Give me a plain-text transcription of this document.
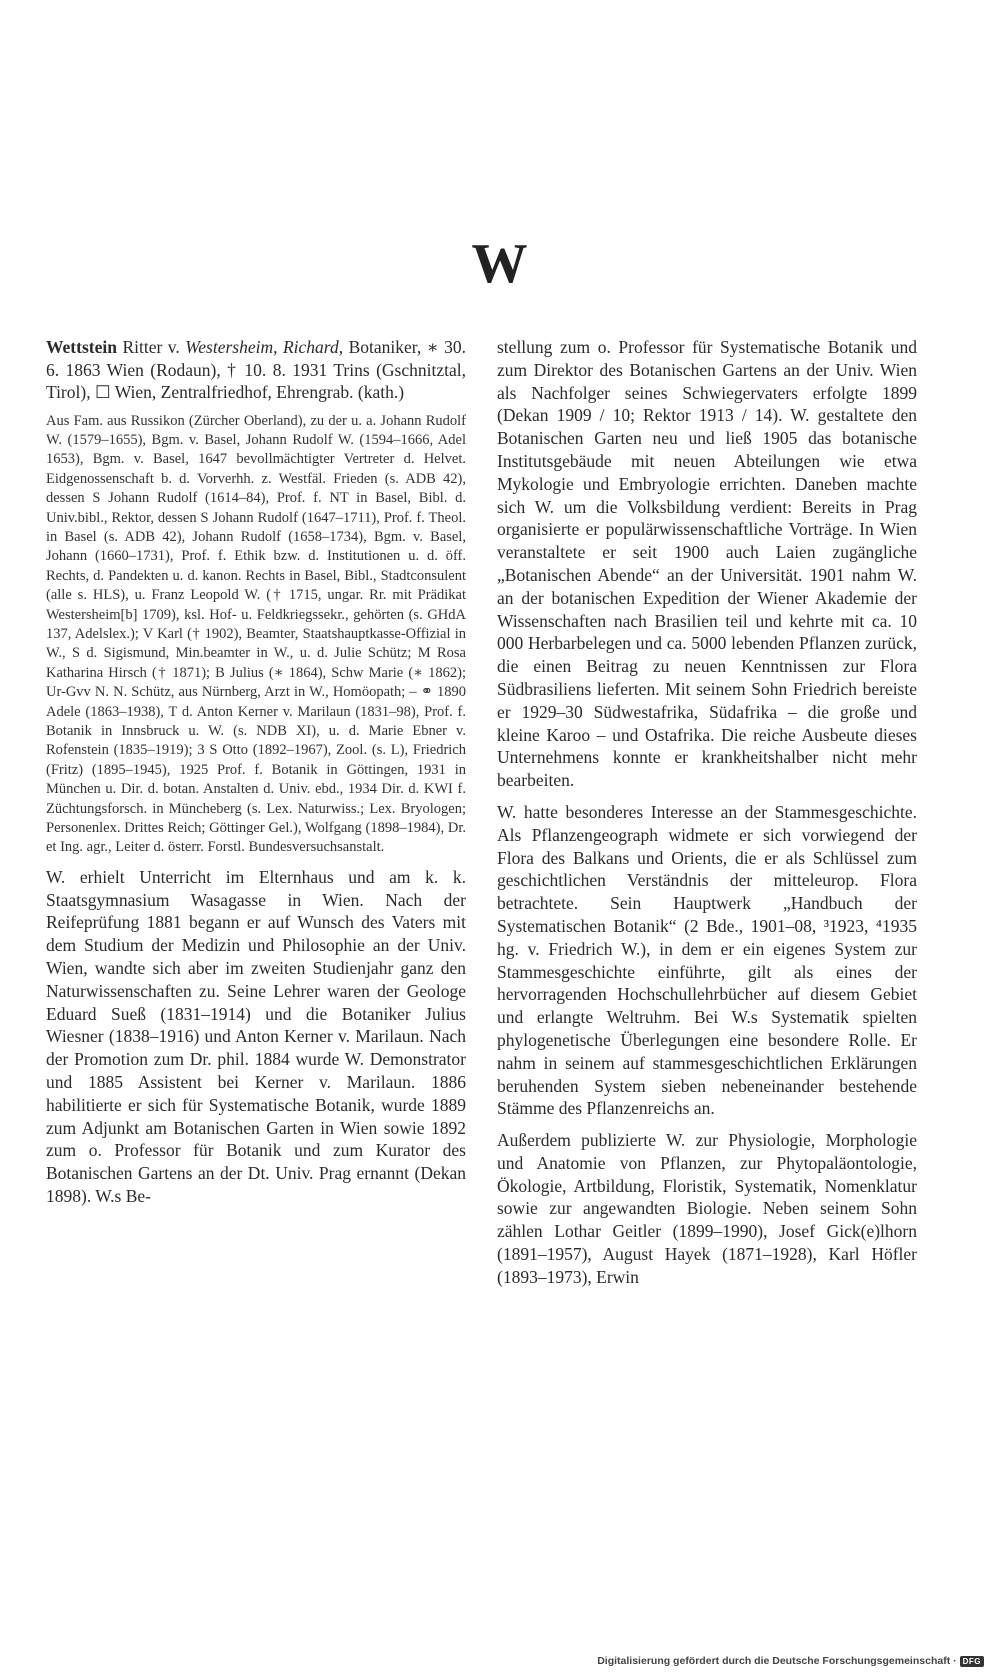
W

Wettstein Ritter v. Westersheim, Richard, Botaniker, ∗ 30. 6. 1863 Wien (Rodaun), † 10. 8. 1931 Trins (Gschnitztal, Tirol), ☐ Wien, Zentralfriedhof, Ehrengrab. (kath.)

Aus Fam. aus Russikon (Zürcher Oberland), zu der u. a. Johann Rudolf W. (1579–1655), Bgm. v. Basel, Johann Rudolf W. (1594–1666, Adel 1653), Bgm. v. Basel, 1647 bevollmächtigter Vertreter d. Helvet. Eidgenossenschaft b. d. Vorverhh. z. Westfäl. Frieden (s. ADB 42), dessen S Johann Rudolf (1614–84), Prof. f. NT in Basel, Bibl. d. Univ.bibl., Rektor, dessen S Johann Rudolf (1647–1711), Prof. f. Theol. in Basel (s. ADB 42), Johann Rudolf (1658–1734), Bgm. v. Basel, Johann (1660–1731), Prof. f. Ethik bzw. d. Institutionen u. d. öff. Rechts, d. Pandekten u. d. kanon. Rechts in Basel, Bibl., Stadtconsulent (alle s. HLS), u. Franz Leopold W. († 1715, ungar. Rr. mit Prädikat Westersheim[b] 1709), ksl. Hof- u. Feldkriegssekr., gehörten (s. GHdA 137, Adelslex.); V Karl († 1902), Beamter, Staatshauptkasse-Offizial in W., S d. Sigismund, Min.beamter in W., u. d. Julie Schütz; M Rosa Katharina Hirsch († 1871); B Julius (∗ 1864), Schw Marie (∗ 1862); Ur-Gvv N. N. Schütz, aus Nürnberg, Arzt in W., Homöopath; – ⚭ 1890 Adele (1863–1938), T d. Anton Kerner v. Marilaun (1831–98), Prof. f. Botanik in Innsbruck u. W. (s. NDB XI), u. d. Marie Ebner v. Rofenstein (1835–1919); 3 S Otto (1892–1967), Zool. (s. L), Friedrich (Fritz) (1895–1945), 1925 Prof. f. Botanik in Göttingen, 1931 in München u. Dir. d. botan. Anstalten d. Univ. ebd., 1934 Dir. d. KWI f. Züchtungsforsch. in Müncheberg (s. Lex. Naturwiss.; Lex. Bryologen; Personenlex. Drittes Reich; Göttinger Gel.), Wolfgang (1898–1984), Dr. et Ing. agr., Leiter d. österr. Forstl. Bundesversuchsanstalt.

W. erhielt Unterricht im Elternhaus und am k. k. Staatsgymnasium Wasagasse in Wien. Nach der Reifeprüfung 1881 begann er auf Wunsch des Vaters mit dem Studium der Medizin und Philosophie an der Univ. Wien, wandte sich aber im zweiten Studienjahr ganz den Naturwissenschaften zu. Seine Lehrer waren der Geologe Eduard Sueß (1831–1914) und die Botaniker Julius Wiesner (1838–1916) und Anton Kerner v. Marilaun. Nach der Promotion zum Dr. phil. 1884 wurde W. Demonstrator und 1885 Assistent bei Kerner v. Marilaun. 1886 habilitierte er sich für Systematische Botanik, wurde 1889 zum Adjunkt am Botanischen Garten in Wien sowie 1892 zum o. Professor für Botanik und zum Kurator des Botanischen Gartens an der Dt. Univ. Prag ernannt (Dekan 1898). W.s Be-

stellung zum o. Professor für Systematische Botanik und zum Direktor des Botanischen Gartens an der Univ. Wien als Nachfolger seines Schwiegervaters erfolgte 1899 (Dekan 1909 / 10; Rektor 1913 / 14). W. gestaltete den Botanischen Garten neu und ließ 1905 das botanische Institutsgebäude mit neuen Abteilungen wie etwa Mykologie und Embryologie errichten. Daneben machte sich W. um die Volksbildung verdient: Bereits in Prag organisierte er populärwissenschaftliche Vorträge. In Wien veranstaltete er seit 1900 auch Laien zugängliche „Botanischen Abende“ an der Universität. 1901 nahm W. an der botanischen Expedition der Wiener Akademie der Wissenschaften nach Brasilien teil und kehrte mit ca. 10 000 Herbarbelegen und ca. 5000 lebenden Pflanzen zurück, die einen Beitrag zu neuen Kenntnissen zur Flora Südbrasiliens lieferten. Mit seinem Sohn Friedrich bereiste er 1929–30 Südwestafrika, Südafrika – die große und kleine Karoo – und Ostafrika. Die reiche Ausbeute dieses Unternehmens konnte er krankheitshalber nicht mehr bearbeiten.

W. hatte besonderes Interesse an der Stammesgeschichte. Als Pflanzengeograph widmete er sich vorwiegend der Flora des Balkans und Orients, die er als Schlüssel zum geschichtlichen Verständnis der mitteleurop. Flora betrachtete. Sein Hauptwerk „Handbuch der Systematischen Botanik“ (2 Bde., 1901–08, ³1923, ⁴1935 hg. v. Friedrich W.), in dem er ein eigenes System zur Stammesgeschichte einführte, gilt als eines der hervorragenden Hochschullehrbücher auf diesem Gebiet und erlangte Weltruhm. Bei W.s Systematik spielten phylogenetische Überlegungen eine besondere Rolle. Er nahm in seinem auf stammesgeschichtlichen Erklärungen beruhenden System sieben nebeneinander bestehende Stämme des Pflanzenreichs an.

Außerdem publizierte W. zur Physiologie, Morphologie und Anatomie von Pflanzen, zur Phytopaläontologie, Ökologie, Artbildung, Floristik, Systematik, Nomenklatur sowie zur angewandten Biologie. Neben seinem Sohn zählen Lothar Geitler (1899–1990), Josef Gick(e)lhorn (1891–1957), August Hayek (1871–1928), Karl Höfler (1893–1973), Erwin

Digitalisierung gefördert durch die Deutsche Forschungsgemeinschaft · DFG
